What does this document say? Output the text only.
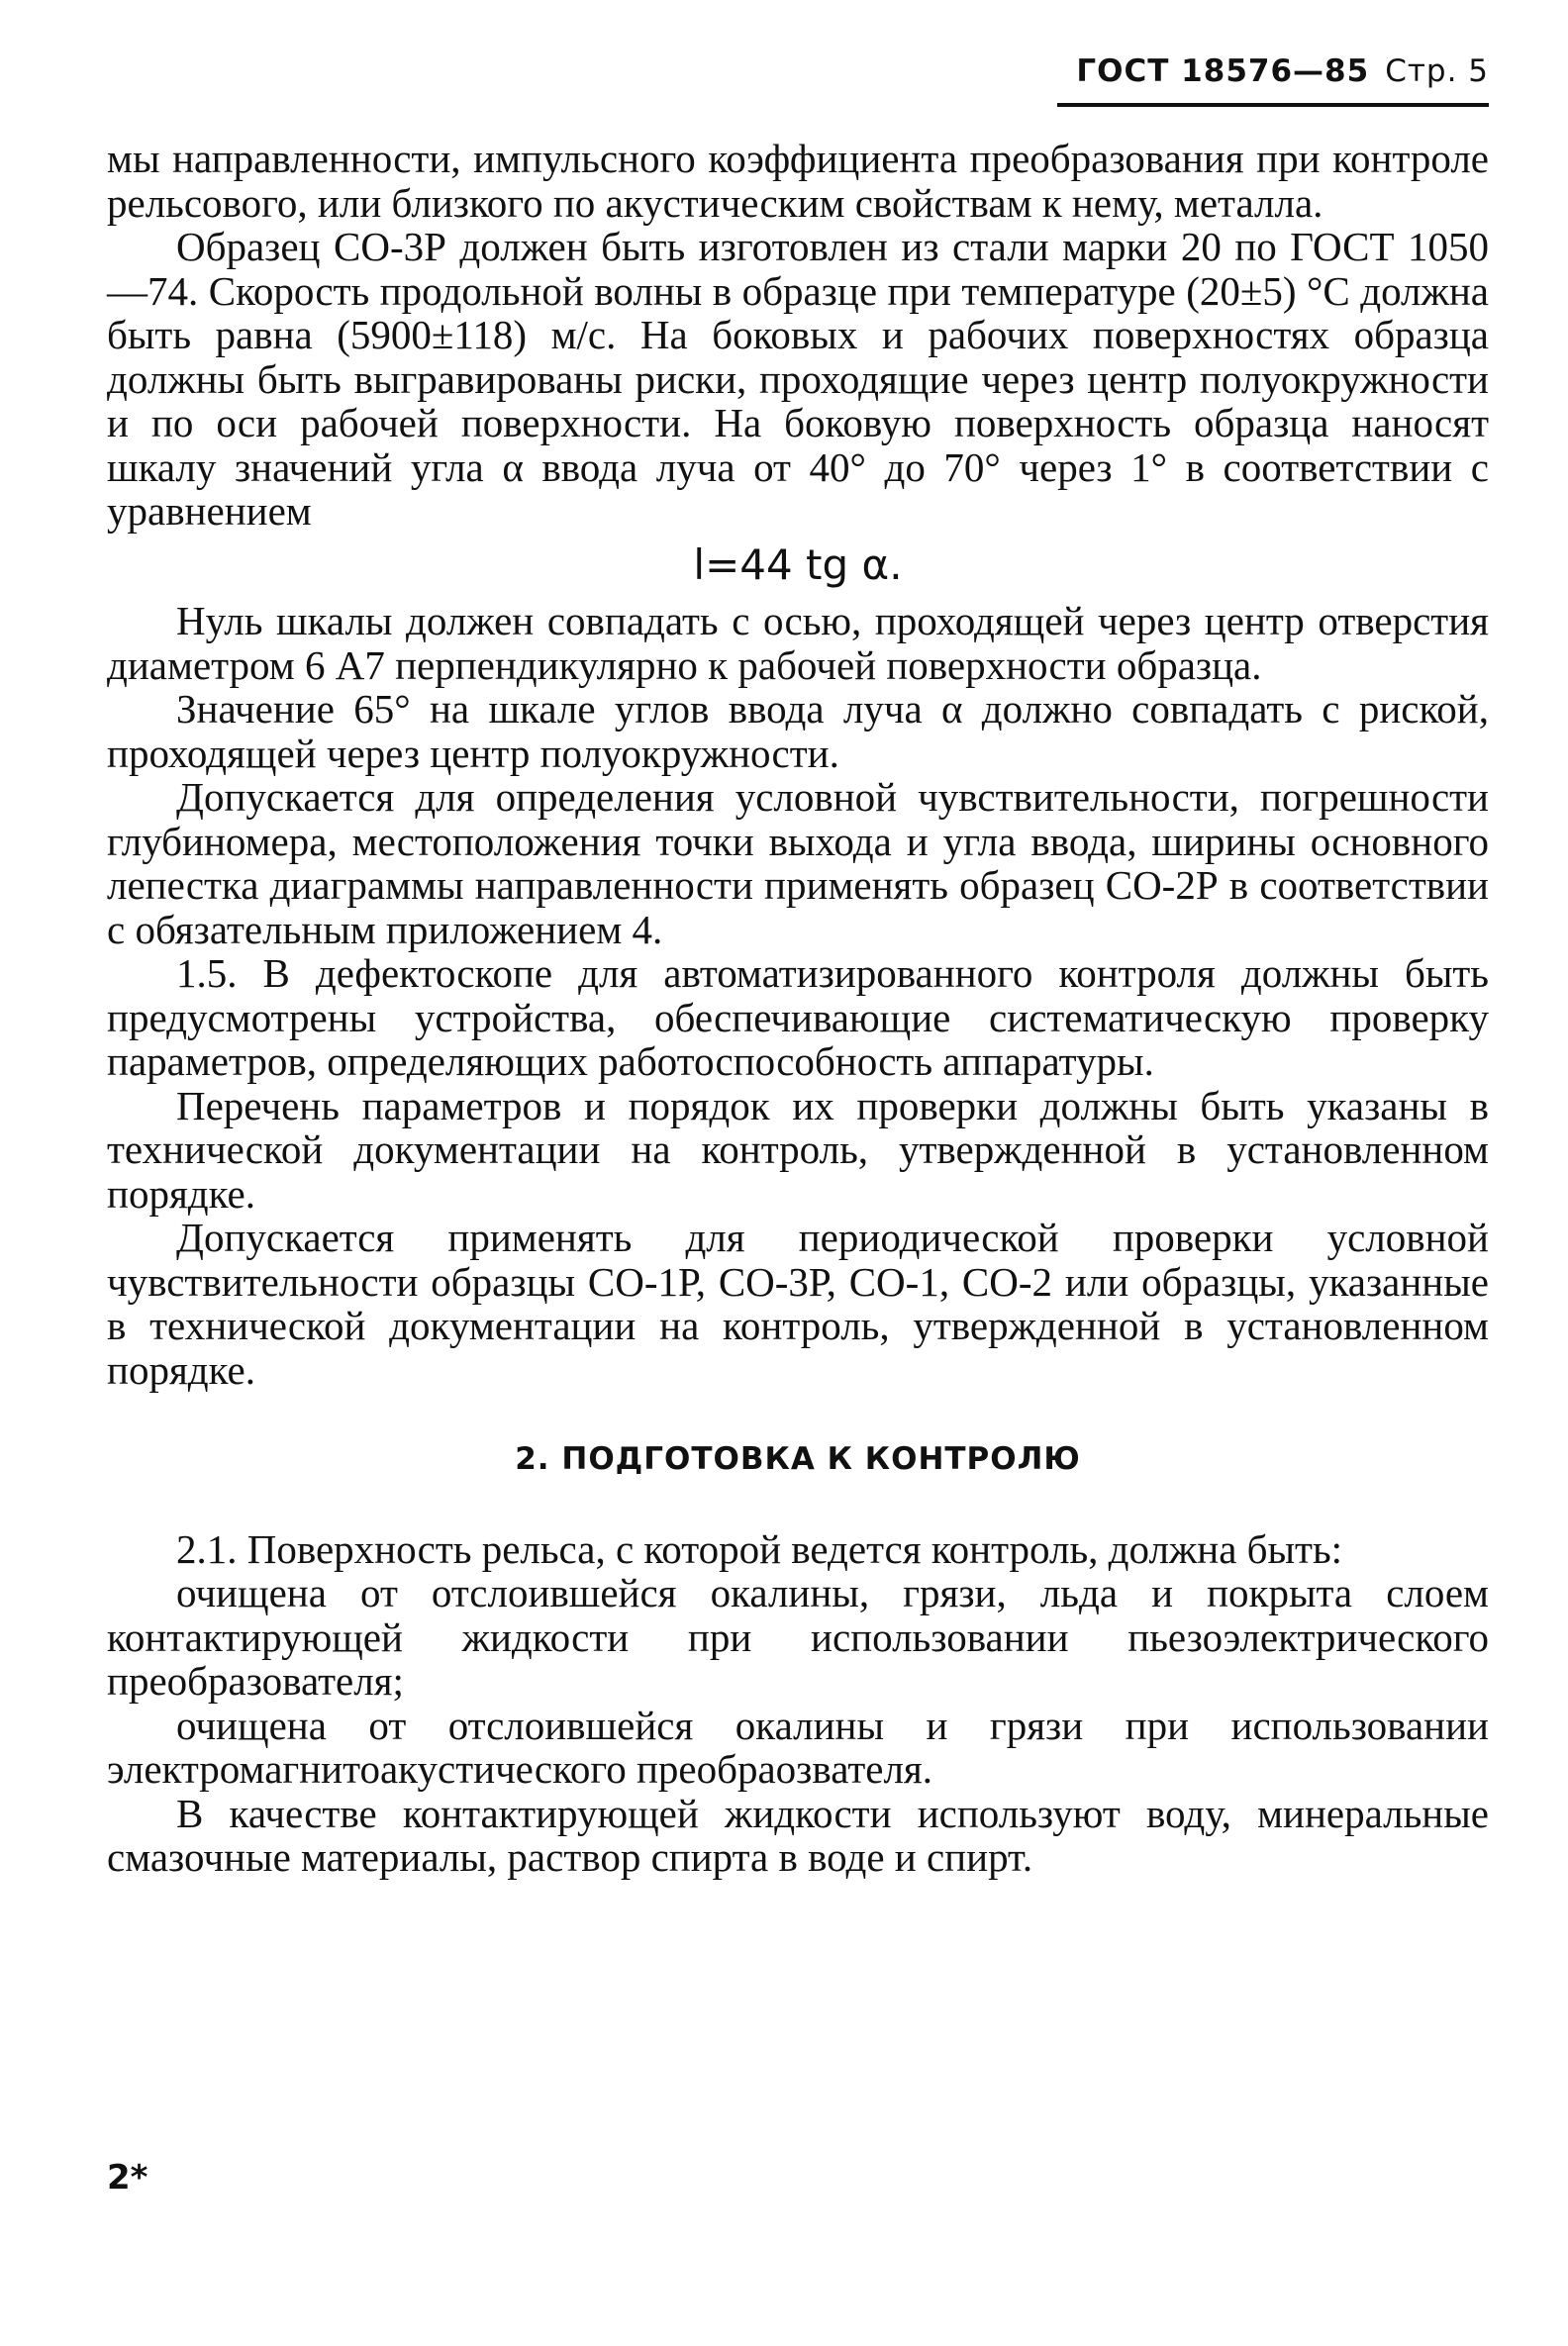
ГОСТ 18576—85 Стр. 5

мы направленности, импульсного коэффициента преобразования при контроле рельсового, или близкого по акустическим свойствам к нему, металла.

Образец СО-3Р должен быть изготовлен из стали марки 20 по ГОСТ 1050—74. Скорость продольной волны в образце при температуре (20±5) °С должна быть равна (5900±118) м/с. На боковых и рабочих поверхностях образца должны быть выгравированы риски, проходящие через центр полуокружности и по оси рабочей поверхности. На боковую поверхность образца наносят шкалу значений угла α ввода луча от 40° до 70° через 1° в соответствии с уравнением

l=44 tg α.

Нуль шкалы должен совпадать с осью, проходящей через центр отверстия диаметром 6 А7 перпендикулярно к рабочей поверхности образца.

Значение 65° на шкале углов ввода луча α должно совпадать с риской, проходящей через центр полуокружности.

Допускается для определения условной чувствительности, погрешности глубиномера, местоположения точки выхода и угла ввода, ширины основного лепестка диаграммы направленности применять образец СО-2Р в соответствии с обязательным приложением 4.

1.5. В дефектоскопе для автоматизированного контроля должны быть предусмотрены устройства, обеспечивающие систематическую проверку параметров, определяющих работоспособность аппаратуры.

Перечень параметров и порядок их проверки должны быть указаны в технической документации на контроль, утвержденной в установленном порядке.

Допускается применять для периодической проверки условной чувствительности образцы СО-1Р, СО-3Р, СО-1, СО-2 или образцы, указанные в технической документации на контроль, утвержденной в установленном порядке.

2. ПОДГОТОВКА К КОНТРОЛЮ

2.1. Поверхность рельса, с которой ведется контроль, должна быть:

очищена от отслоившейся окалины, грязи, льда и покрыта слоем контактирующей жидкости при использовании пьезоэлектрического преобразователя;

очищена от отслоившейся окалины и грязи при использовании электромагнитоакустического преобраозвателя.

В качестве контактирующей жидкости используют воду, минеральные смазочные материалы, раствор спирта в воде и спирт.

2*
